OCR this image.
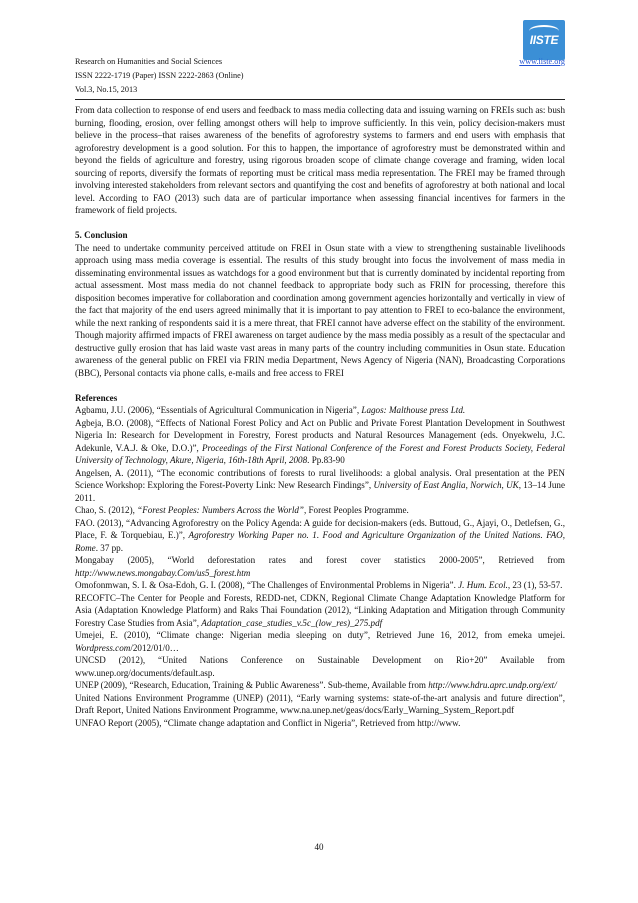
IISTE
Research on Humanities and Social Sciences	www.iiste.org
ISSN 2222-1719 (Paper) ISSN 2222-2863 (Online)
Vol.3, No.15, 2013

From data collection to response of end users and feedback to mass media collecting data and issuing warning on FREIs such as: bush burning, flooding, erosion, over felling amongst others will help to improve sufficiently. In this vein, policy decision-makers must believe in the process–that raises awareness of the benefits of agroforestry systems to farmers and end users with emphasis that agroforestry development is a good solution. For this to happen, the importance of agroforestry must be demonstrated within and beyond the fields of agriculture and forestry, using rigorous broaden scope of climate change coverage and framing, widen local sourcing of reports, diversify the formats of reporting must be critical mass media representation. The FREI may be framed through involving interested stakeholders from relevant sectors and quantifying the cost and benefits of agroforestry at both national and local level. According to FAO (2013) such data are of particular importance when assessing financial incentives for farmers in the framework of field projects.

5. Conclusion

The need to undertake community perceived attitude on FREI in Osun state with a view to strengthening sustainable livelihoods approach using mass media coverage is essential. The results of this study brought into focus the involvement of mass media in disseminating environmental issues as watchdogs for a good environment but that is currently dominated by incidental reporting from actual assessment. Most mass media do not channel feedback to appropriate body such as FRIN for processing, therefore this disposition becomes imperative for collaboration and coordination among government agencies horizontally and vertically in view of the fact that majority of the end users agreed minimally that it is important to pay attention to FREI to eco-balance the environment, while the next ranking of respondents said it is a mere threat, that FREI cannot have adverse effect on the stability of the environment. Though majority affirmed impacts of FREI awareness on target audience by the mass media possibly as a result of the spectacular and destructive gully erosion that has laid waste vast areas in many parts of the country including communities in Osun state. Education awareness of the general public on FREI via FRIN media Department, News Agency of Nigeria (NAN), Broadcasting Corporations (BBC), Personal contacts via phone calls, e-mails and free access to FREI

References

Agbamu, J.U. (2006), “Essentials of Agricultural Communication in Nigeria”, Lagos: Malthouse press Ltd.

Agbeja, B.O. (2008), “Effects of National Forest Policy and Act on Public and Private Forest Plantation Development in Southwest Nigeria In: Research for Development in Forestry, Forest products and Natural Resources Management (eds. Onyekwelu, J.C. Adekunle, V.A.J. & Oke, D.O.)”, Proceedings of the First National Conference of the Forest and Forest Products Society, Federal University of Technology, Akure, Nigeria, 16th-18th April, 2008. Pp.83-90

Angelsen, A. (2011), “The economic contributions of forests to rural livelihoods: a global analysis. Oral presentation at the PEN Science Workshop: Exploring the Forest-Poverty Link: New Research Findings”, University of East Anglia, Norwich, UK, 13–14 June 2011.

Chao, S. (2012), “Forest Peoples: Numbers Across the World”, Forest Peoples Programme.

FAO. (2013), “Advancing Agroforestry on the Policy Agenda: A guide for decision-makers (eds. Buttoud, G., Ajayi, O., Detlefsen, G., Place, F. & Torquebiau, E.)”, Agroforestry Working Paper no. 1. Food and Agriculture Organization of the United Nations. FAO, Rome. 37 pp.

Mongabay (2005), “World deforestation rates and forest cover statistics 2000-2005”, Retrieved from http://www.news.mongabay.Com/us5_forest.htm

Omofonmwan, S. I. & Osa-Edoh, G. I. (2008), “The Challenges of Environmental Problems in Nigeria”. J. Hum. Ecol., 23 (1), 53-57.

RECOFTC–The Center for People and Forests, REDD-net, CDKN, Regional Climate Change Adaptation Knowledge Platform for Asia (Adaptation Knowledge Platform) and Raks Thai Foundation (2012), “Linking Adaptation and Mitigation through Community Forestry Case Studies from Asia”, Adaptation_case_studies_v.5c_(low_res)_275.pdf

Umejei, E. (2010), “Climate change: Nigerian media sleeping on duty”, Retrieved June 16, 2012, from emeka umejei. Wordpress.com/2012/01/0…

UNCSD (2012), “United Nations Conference on Sustainable Development on Rio+20” Available from www.unep.org/documents/default.asp.

UNEP (2009), “Research, Education, Training & Public Awareness”. Sub-theme, Available from http://www.hdru.aprc.undp.org/ext/

United Nations Environment Programme (UNEP) (2011), “Early warning systems: state-of-the-art analysis and future direction”, Draft Report, United Nations Environment Programme, www.na.unep.net/geas/docs/Early_Warning_System_Report.pdf

UNFAO Report (2005), “Climate change adaptation and Conflict in Nigeria”, Retrieved from http://www.

40
